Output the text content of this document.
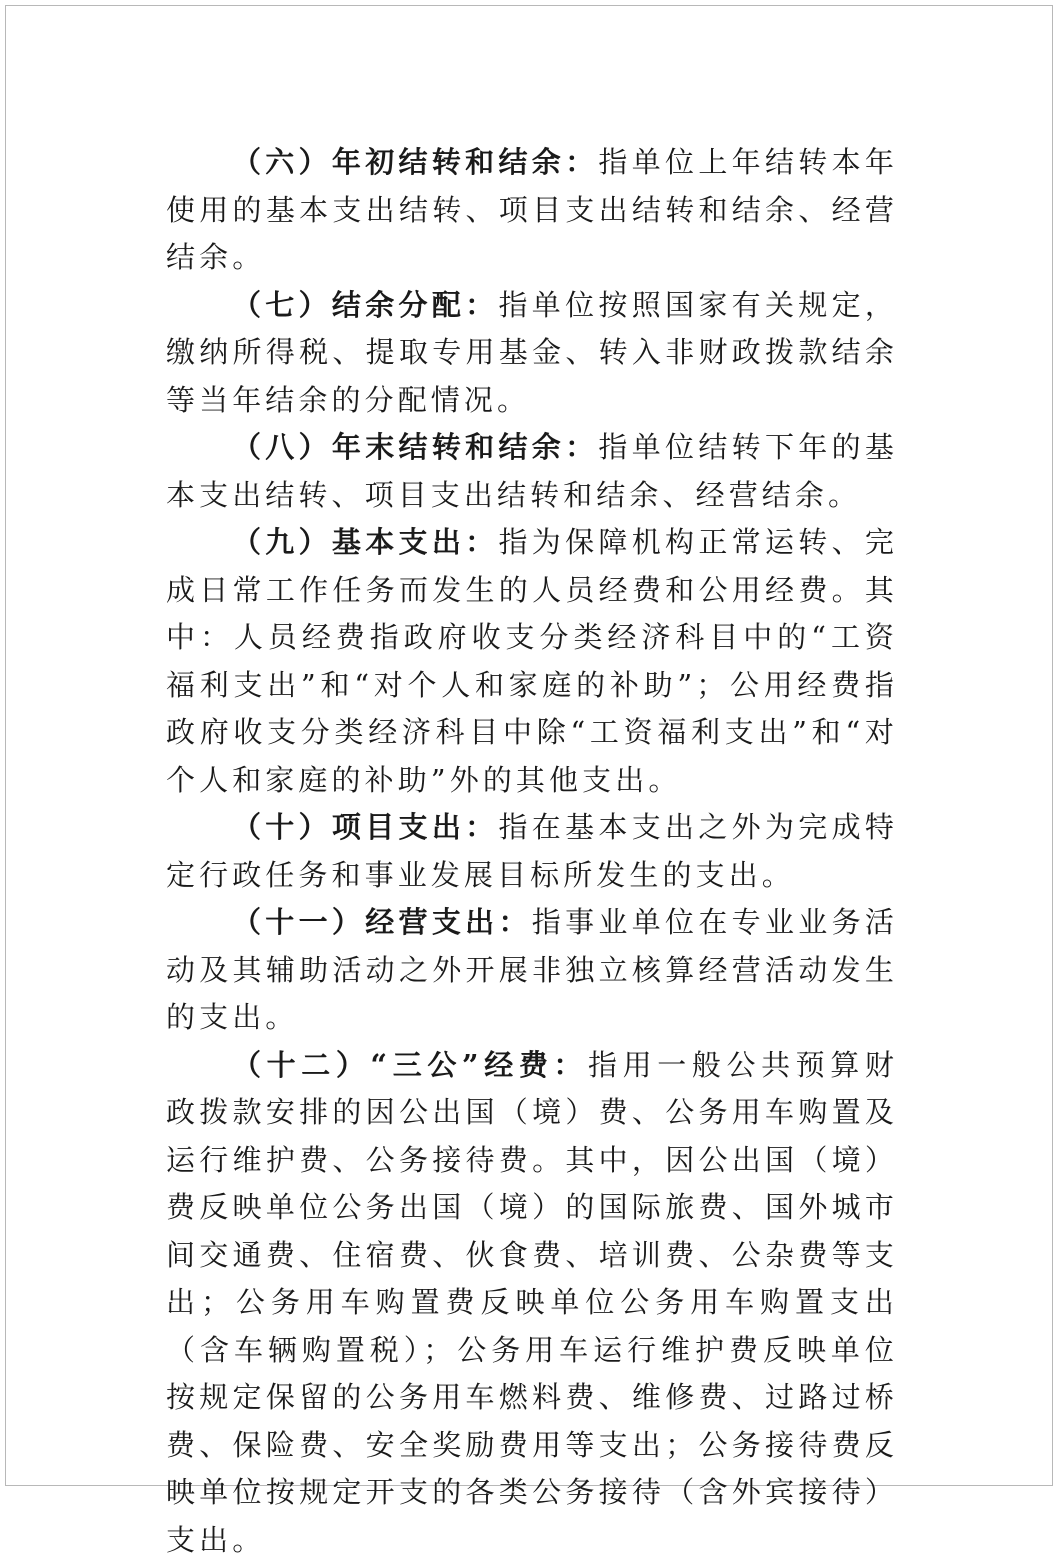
（六）年初结转和结余：指单位上年结转本年使用的基本支出结转、项目支出结转和结余、经营结余。

（七）结余分配：指单位按照国家有关规定，缴纳所得税、提取专用基金、转入非财政拨款结余等当年结余的分配情况。

（八）年末结转和结余：指单位结转下年的基本支出结转、项目支出结转和结余、经营结余。

（九）基本支出：指为保障机构正常运转、完成日常工作任务而发生的人员经费和公用经费。其中：人员经费指政府收支分类经济科目中的“工资福利支出”和“对个人和家庭的补助”；公用经费指政府收支分类经济科目中除“工资福利支出”和“对个人和家庭的补助”外的其他支出。

（十）项目支出：指在基本支出之外为完成特定行政任务和事业发展目标所发生的支出。

（十一）经营支出：指事业单位在专业业务活动及其辅助活动之外开展非独立核算经营活动发生的支出。

（十二）“三公”经费：指用一般公共预算财政拨款安排的因公出国（境）费、公务用车购置及运行维护费、公务接待费。其中，因公出国（境）费反映单位公务出国（境）的国际旅费、国外城市间交通费、住宿费、伙食费、培训费、公杂费等支出；公务用车购置费反映单位公务用车购置支出（含车辆购置税）；公务用车运行维护费反映单位按规定保留的公务用车燃料费、维修费、过路过桥费、保险费、安全奖励费用等支出；公务接待费反映单位按规定开支的各类公务接待（含外宾接待）支出。
